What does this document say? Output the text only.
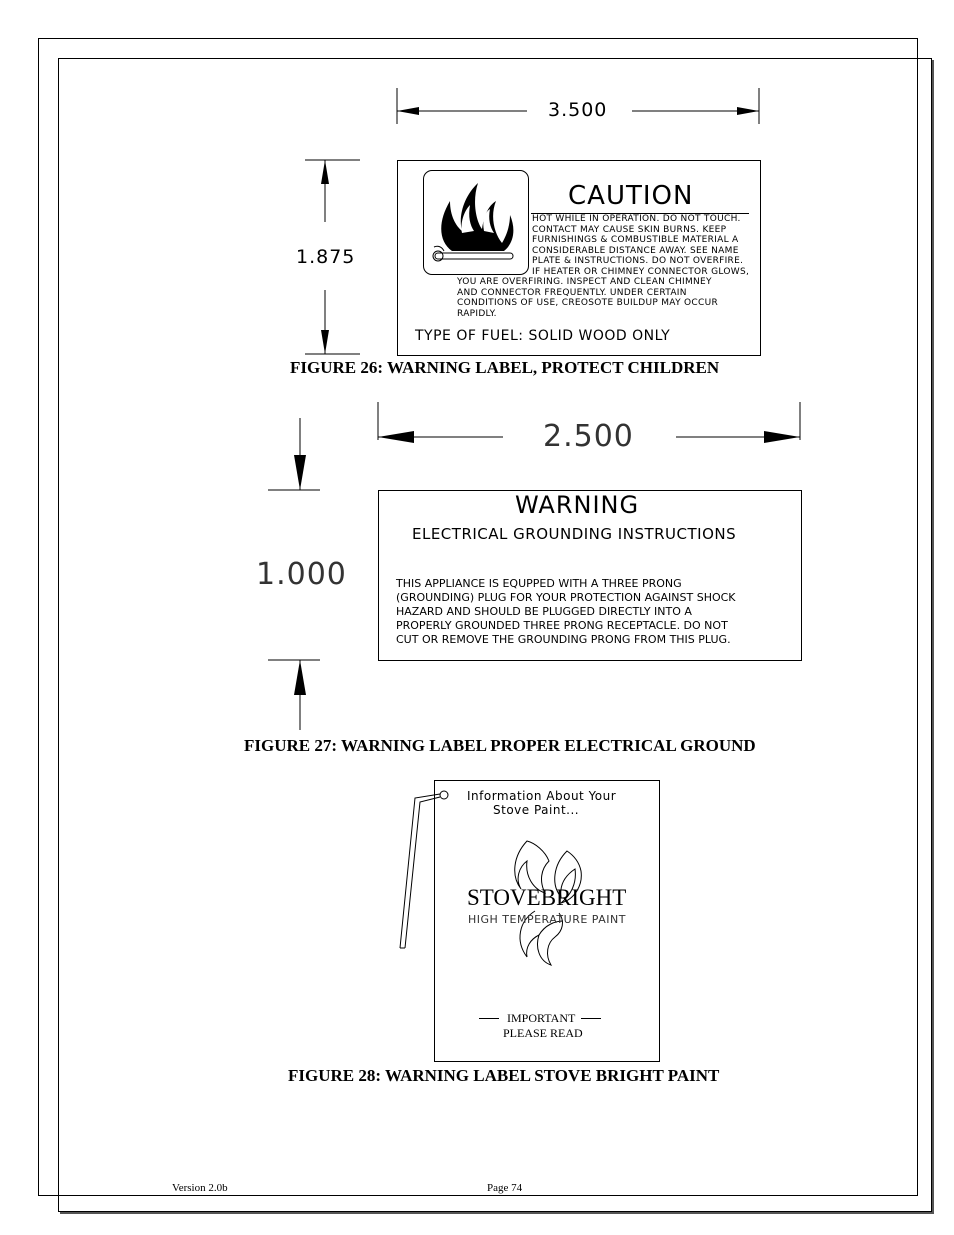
3.500
1.875
CAUTION
HOT WHILE IN OPERATION. DO NOT TOUCH.
CONTACT MAY CAUSE SKIN BURNS. KEEP
FURNISHINGS & COMBUSTIBLE MATERIAL A
CONSIDERABLE DISTANCE AWAY. SEE NAME
PLATE & INSTRUCTIONS. DO NOT OVERFIRE.
IF HEATER OR CHIMNEY CONNECTOR GLOWS,
YOU ARE OVERFIRING. INSPECT AND CLEAN CHIMNEY
AND CONNECTOR FREQUENTLY. UNDER CERTAIN
CONDITIONS OF USE, CREOSOTE BUILDUP MAY OCCUR
RAPIDLY.
TYPE OF FUEL: SOLID WOOD ONLY
FIGURE 26: WARNING LABEL, PROTECT CHILDREN
2.500
1.000
WARNING
ELECTRICAL GROUNDING INSTRUCTIONS
THIS APPLIANCE IS EQUPPED WITH A THREE PRONG
(GROUNDING) PLUG FOR YOUR PROTECTION AGAINST SHOCK
HAZARD AND SHOULD BE PLUGGED DIRECTLY INTO A
PROPERLY GROUNDED THREE PRONG RECEPTACLE. DO NOT
CUT OR REMOVE THE GROUNDING PRONG FROM THIS PLUG.
FIGURE 27: WARNING LABEL PROPER ELECTRICAL GROUND
Information About Your
Stove Paint...
STOVEBRIGHT
HIGH TEMPERATURE PAINT
IMPORTANT
PLEASE READ
FIGURE 28: WARNING LABEL STOVE BRIGHT PAINT
Version 2.0b	Page 74
